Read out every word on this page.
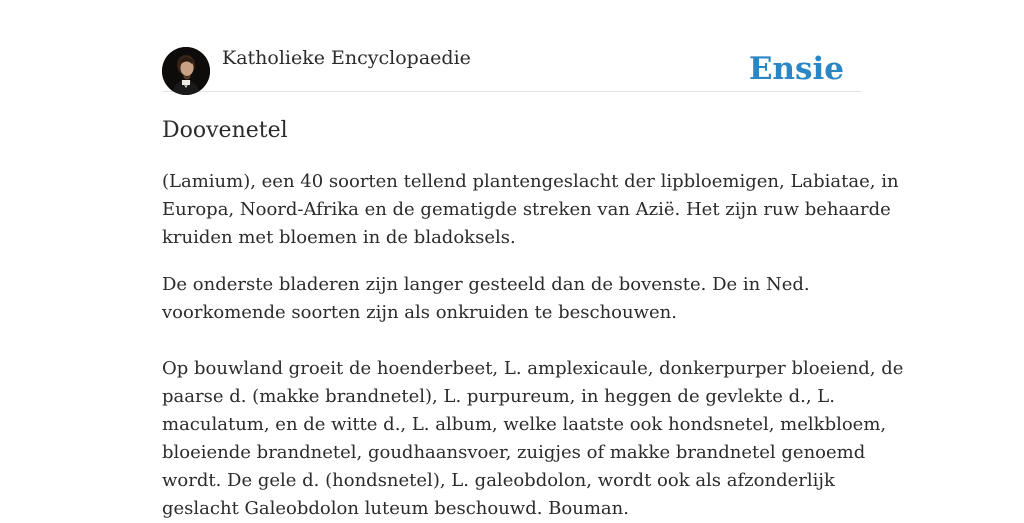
Katholieke Encyclopaedie	Ensie
Doovenetel

(Lamium), een 40 soorten tellend plantengeslacht der lipbloemigen, Labiatae, in
Europa, Noord-Afrika en de gematigde streken van Azië. Het zijn ruw behaarde
kruiden met bloemen in de bladoksels.

De onderste bladeren zijn langer gesteeld dan de bovenste. De in Ned.
voorkomende soorten zijn als onkruiden te beschouwen.

Op bouwland groeit de hoenderbeet, L. amplexicaule, donkerpurper bloeiend, de
paarse d. (makke brandnetel), L. purpureum, in heggen de gevlekte d., L.
maculatum, en de witte d., L. album, welke laatste ook hondsnetel, melkbloem,
bloeiende brandnetel, goudhaansvoer, zuigjes of makke brandnetel genoemd
wordt. De gele d. (hondsnetel), L. galeobdolon, wordt ook als afzonderlijk
geslacht Galeobdolon luteum beschouwd. Bouman.
